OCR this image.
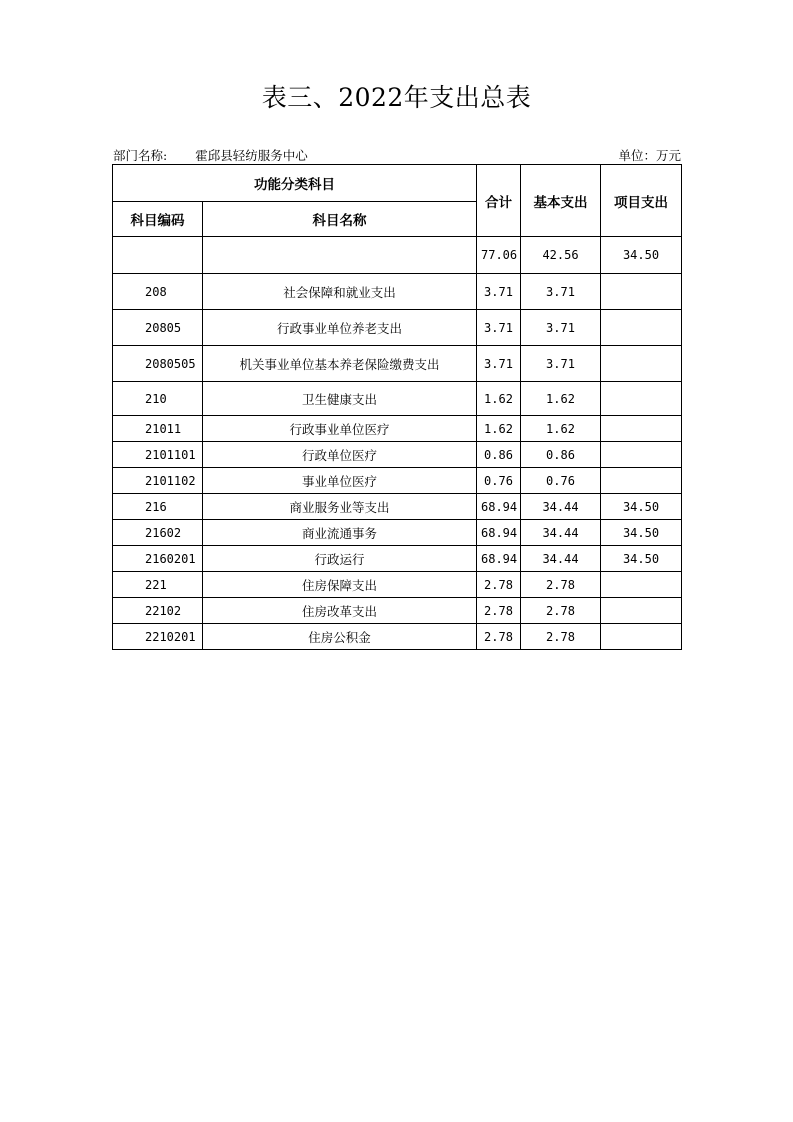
表三、2022年支出总表
部门名称: 霍邱县轻纺服务中心	单位：万元
功能分类科目		合计	基本支出	项目支出
科目编码	科目名称			
		77.06	42.56	34.50
208	社会保障和就业支出	3.71	3.71	
20805	行政事业单位养老支出	3.71	3.71	
2080505	机关事业单位基本养老保险缴费支出	3.71	3.71	
210	卫生健康支出	1.62	1.62	
21011	行政事业单位医疗	1.62	1.62	
2101101	行政单位医疗	0.86	0.86	
2101102	事业单位医疗	0.76	0.76	
216	商业服务业等支出	68.94	34.44	34.50
21602	商业流通事务	68.94	34.44	34.50
2160201	行政运行	68.94	34.44	34.50
221	住房保障支出	2.78	2.78	
22102	住房改革支出	2.78	2.78	
2210201	住房公积金	2.78	2.78	
